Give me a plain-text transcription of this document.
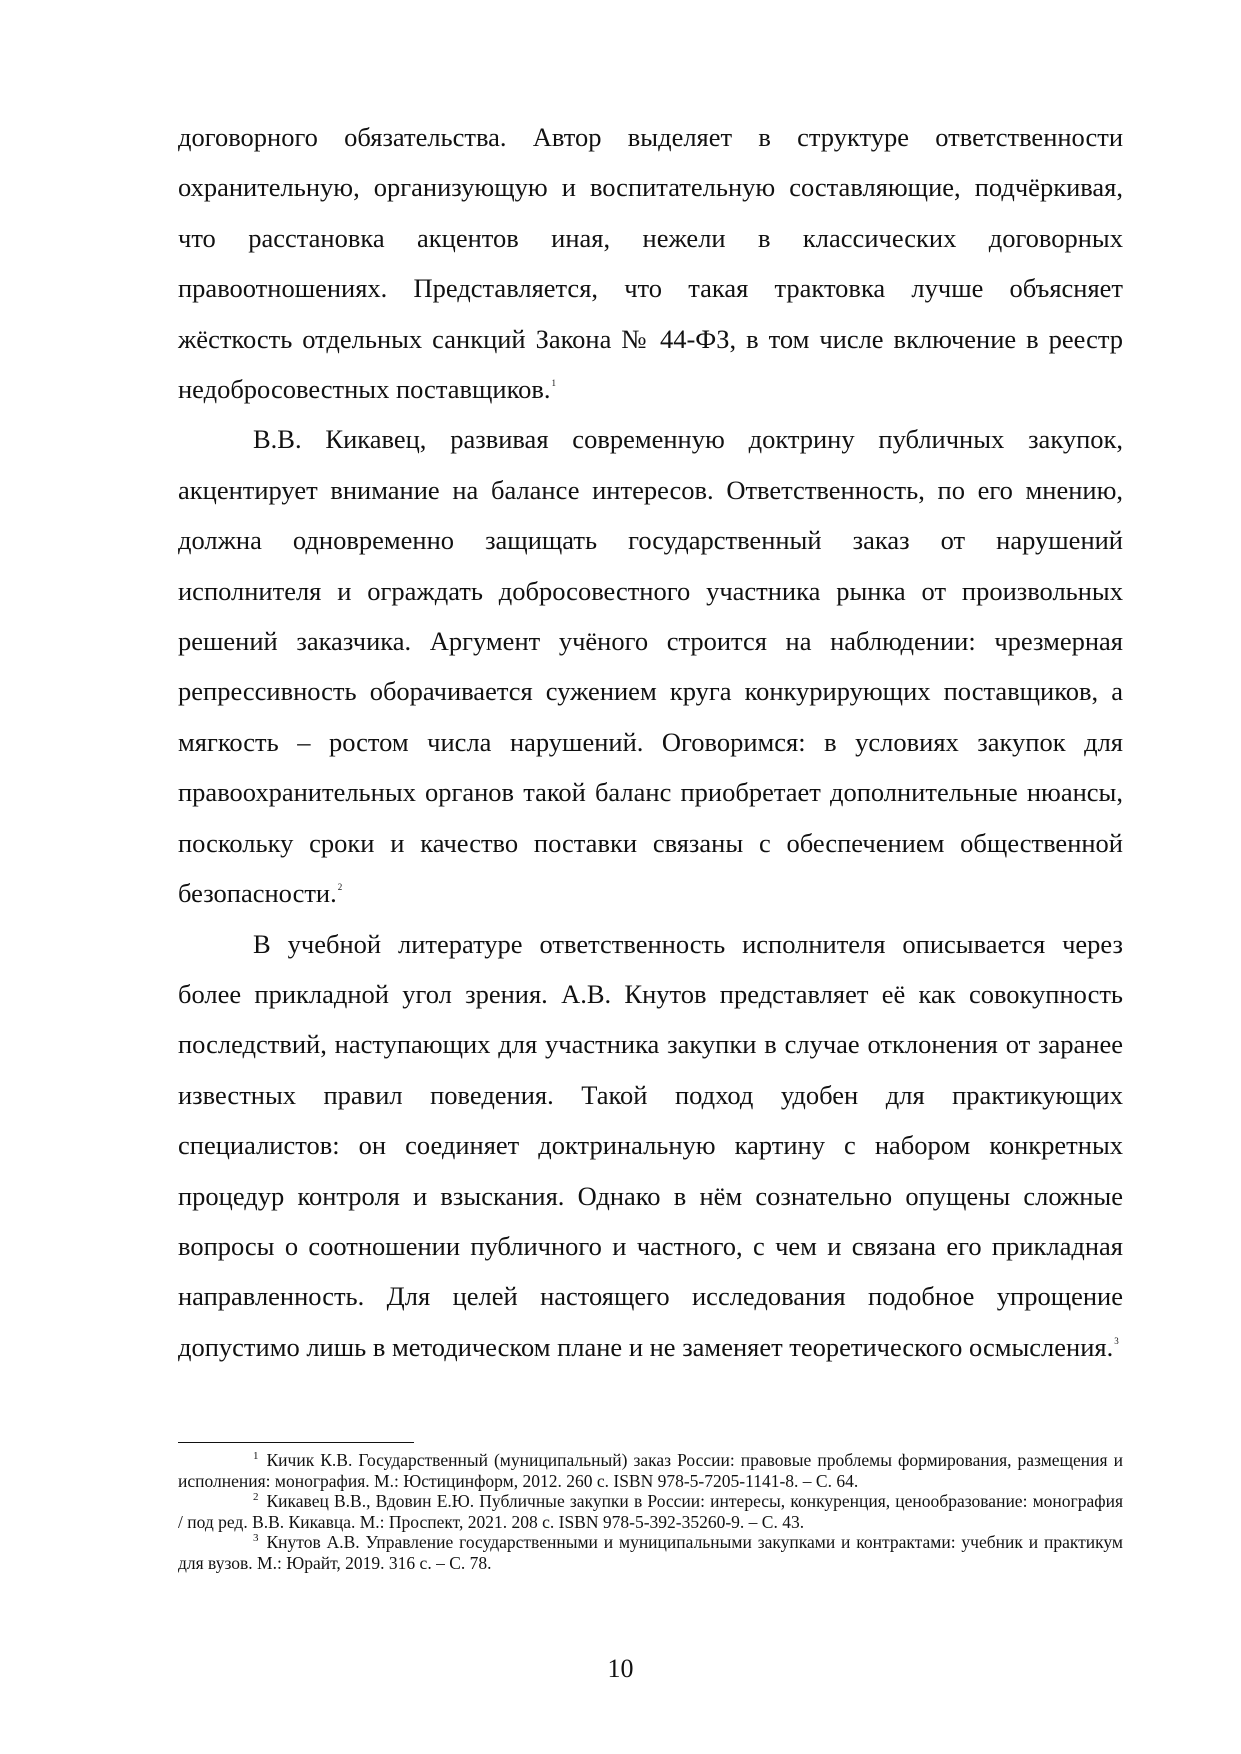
договорного обязательства. Автор выделяет в структуре ответственности охранительную, организующую и воспитательную составляющие, подчёркивая, что расстановка акцентов иная, нежели в классических договорных правоотношениях. Представляется, что такая трактовка лучше объясняет жёсткость отдельных санкций Закона № 44-ФЗ, в том числе включение в реестр недобросовестных поставщиков.$^1$

В.В. Кикавец, развивая современную доктрину публичных закупок, акцентирует внимание на балансе интересов. Ответственность, по его мнению, должна одновременно защищать государственный заказ от нарушений исполнителя и ограждать добросовестного участника рынка от произвольных решений заказчика. Аргумент учёного строится на наблюдении: чрезмерная репрессивность оборачивается сужением круга конкурирующих поставщиков, а мягкость – ростом числа нарушений. Оговоримся: в условиях закупок для правоохранительных органов такой баланс приобретает дополнительные нюансы, поскольку сроки и качество поставки связаны с обеспечением общественной безопасности.$^2$

В учебной литературе ответственность исполнителя описывается через более прикладной угол зрения. А.В. Кнутов представляет её как совокупность последствий, наступающих для участника закупки в случае отклонения от заранее известных правил поведения. Такой подход удобен для практикующих специалистов: он соединяет доктринальную картину с набором конкретных процедур контроля и взыскания. Однако в нём сознательно опущены сложные вопросы о соотношении публичного и частного, с чем и связана его прикладная направленность. Для целей настоящего исследования подобное упрощение допустимо лишь в методическом плане и не заменяет теоретического осмысления.$^3$

$^1$ Кичик К.В. Государственный (муниципальный) заказ России: правовые проблемы формирования, размещения и исполнения: монография. М.: Юстицинформ, 2012. 260 с. ISBN 978-5-7205-1141-8. – С. 64.

$^2$ Кикавец В.В., Вдовин Е.Ю. Публичные закупки в России: интересы, конкуренция, ценообразование: монография / под ред. В.В. Кикавца. М.: Проспект, 2021. 208 с. ISBN 978-5-392-35260-9. – С. 43.

$^3$ Кнутов А.В. Управление государственными и муниципальными закупками и контрактами: учебник и практикум для вузов. М.: Юрайт, 2019. 316 с. – С. 78.

10
